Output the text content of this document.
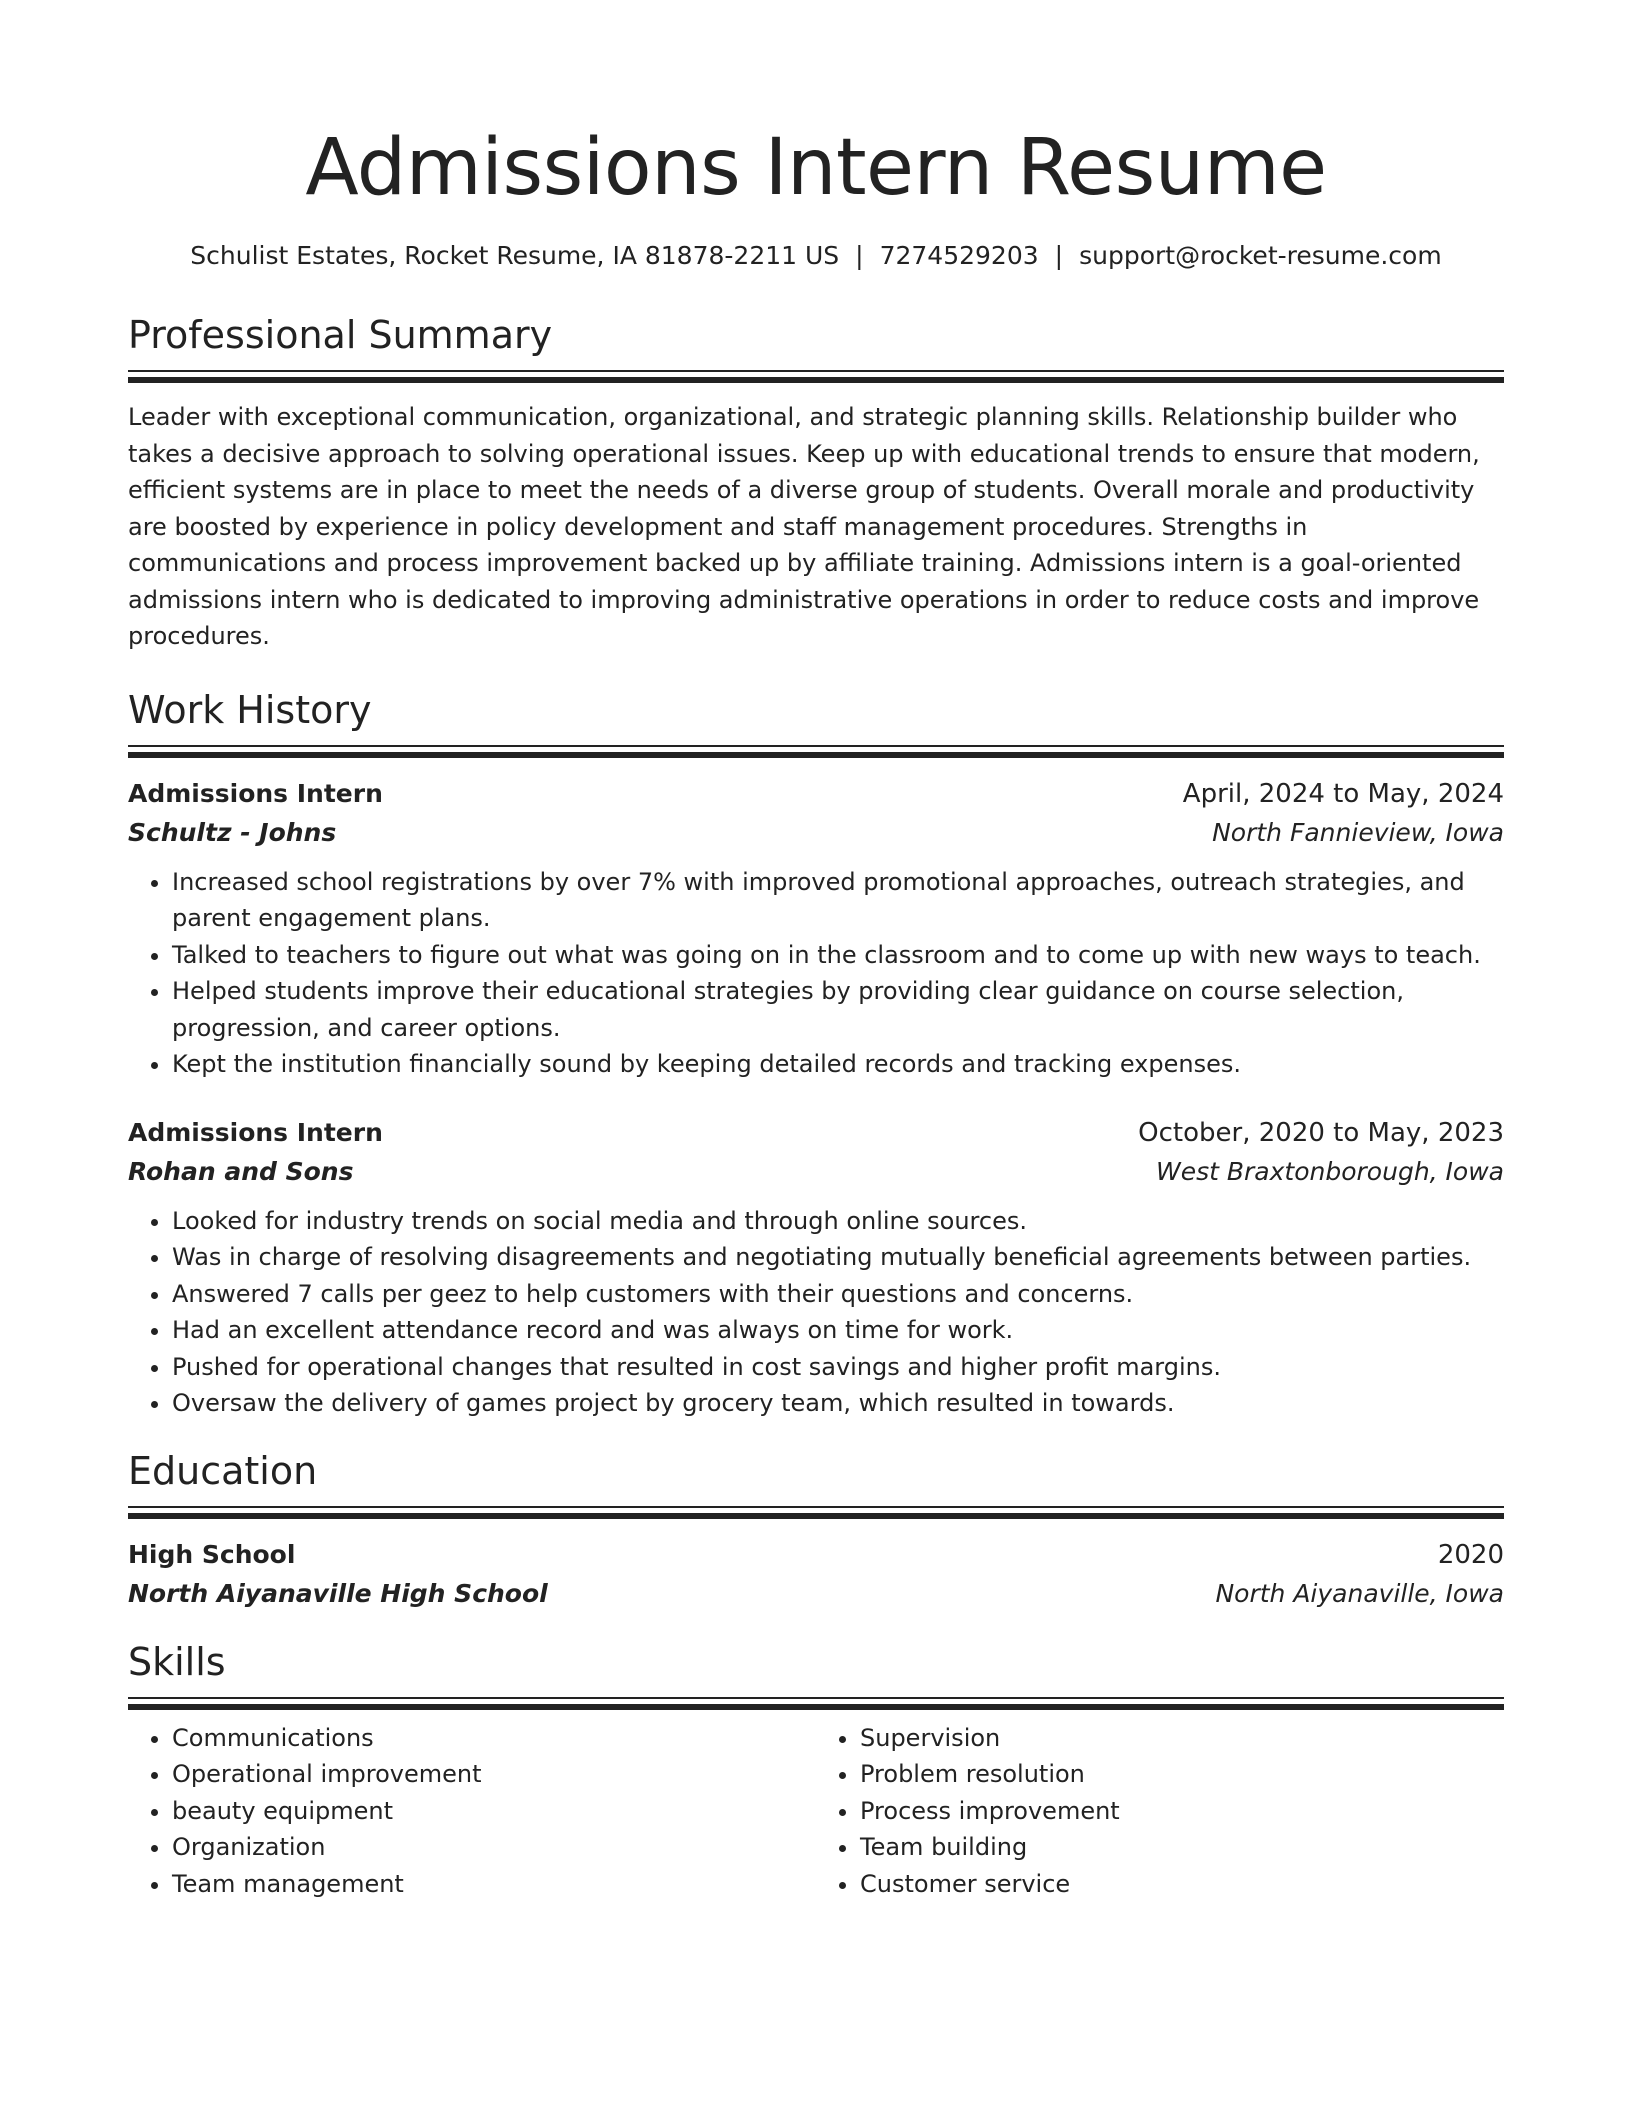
Admissions Intern Resume
Schulist Estates, Rocket Resume, IA 81878-2211 US | 7274529203 | support@rocket-resume.com
Professional Summary

Leader with exceptional communication, organizational, and strategic planning skills. Relationship builder who takes a decisive approach to solving operational issues. Keep up with educational trends to ensure that modern, efficient systems are in place to meet the needs of a diverse group of students. Overall morale and productivity are boosted by experience in policy development and staff management procedures. Strengths in communications and process improvement backed up by affiliate training. Admissions intern is a goal-oriented admissions intern who is dedicated to improving administrative operations in order to reduce costs and improve procedures.

Work History
Admissions Intern	April, 2024 to May, 2024
Schultz - Johns	North Fannieview, Iowa
• Increased school registrations by over 7% with improved promotional approaches, outreach strategies, and parent engagement plans.
• Talked to teachers to figure out what was going on in the classroom and to come up with new ways to teach.
• Helped students improve their educational strategies by providing clear guidance on course selection, progression, and career options.
• Kept the institution financially sound by keeping detailed records and tracking expenses.
Admissions Intern	October, 2020 to May, 2023
Rohan and Sons	West Braxtonborough, Iowa
• Looked for industry trends on social media and through online sources.
• Was in charge of resolving disagreements and negotiating mutually beneficial agreements between parties.
• Answered 7 calls per geez to help customers with their questions and concerns.
• Had an excellent attendance record and was always on time for work.
• Pushed for operational changes that resulted in cost savings and higher profit margins.
• Oversaw the delivery of games project by grocery team, which resulted in towards.
Education
High School	2020
North Aiyanaville High School	North Aiyanaville, Iowa
Skills
• Communications
• Operational improvement
• beauty equipment
• Organization
• Team management
• Supervision
• Problem resolution
• Process improvement
• Team building
• Customer service
